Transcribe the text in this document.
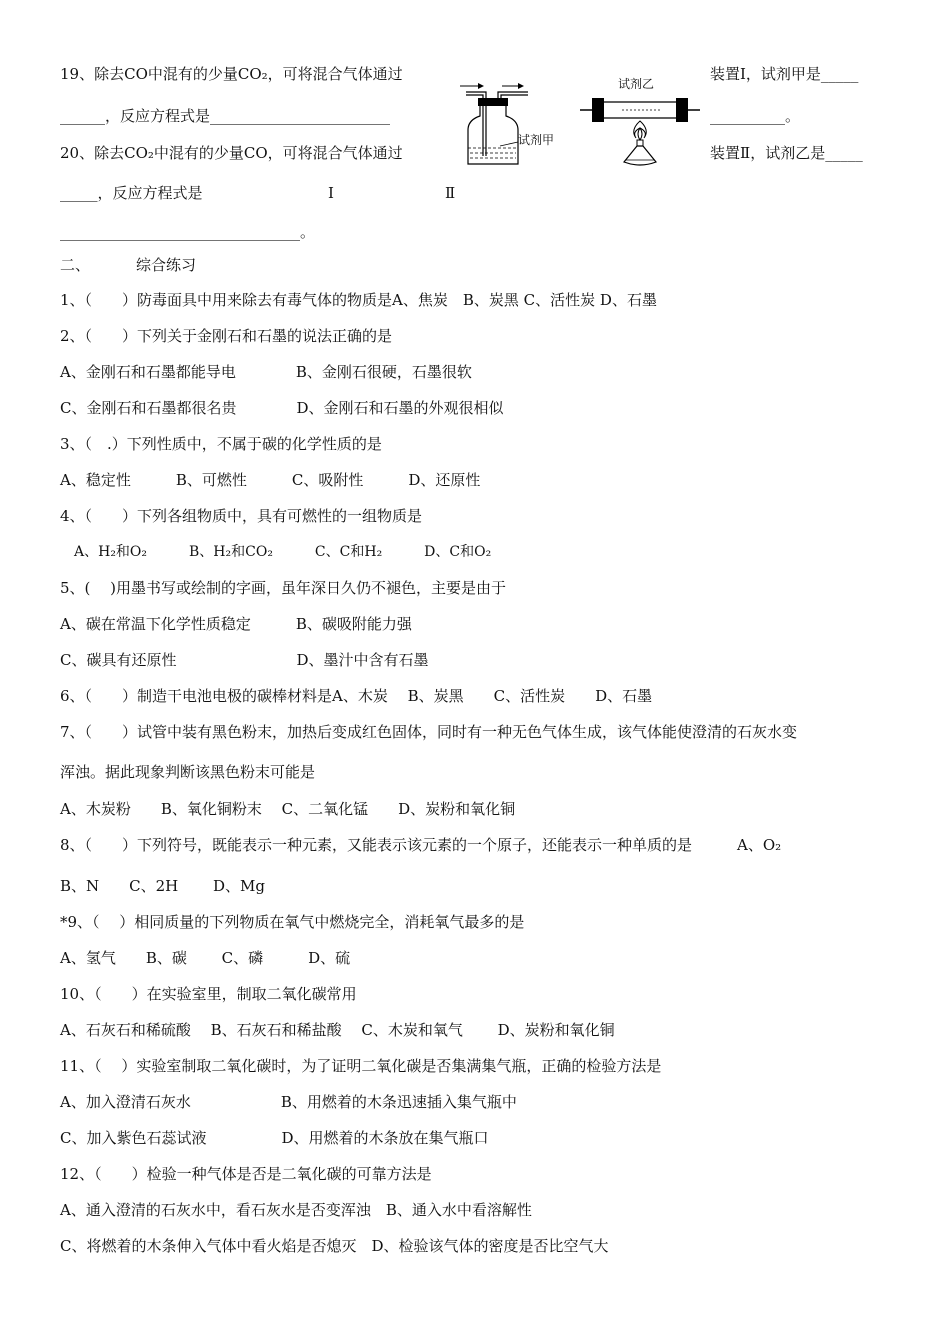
19、除去CO中混有的少量CO₂，可将混合气体通过	装置Ⅰ，试剂甲是_____
______，反应方程式是________________________	__________。
20、除去CO₂中混有的少量CO，可将混合气体通过	装置Ⅱ，试剂乙是_____
_____，反应方程式是	Ⅰ	Ⅱ
________________________________。
试剂甲
试剂乙
二、	综合练习
1、（　　）防毒面具中用来除去有毒气体的物质是A、焦炭　B、炭黑 C、活性炭 D、石墨
2、（　　）下列关于金刚石和石墨的说法正确的是
A、金刚石和石墨都能导电　　　　B、金刚石很硬，石墨很软
C、金刚石和石墨都很名贵　　　　D、金刚石和石墨的外观很相似
3、（　.）下列性质中，不属于碳的化学性质的是
A、稳定性　　　B、可燃性　　　C、吸附性　　　D、还原性
4、（　　）下列各组物质中，具有可燃性的一组物质是
　A、H₂和O₂　　　B、H₂和CO₂　　　C、C和H₂　　　D、C和O₂
5、(　 )用墨书写或绘制的字画，虽年深日久仍不褪色，主要是由于
A、碳在常温下化学性质稳定　　　B、碳吸附能力强
C、碳具有还原性　　　　　　　　D、墨汁中含有石墨
6、（　　）制造干电池电极的碳棒材料是A、木炭　 B、炭黑　　C、活性炭　　D、石墨
7、（　　）试管中装有黑色粉末，加热后变成红色固体，同时有一种无色气体生成，该气体能使澄清的石灰水变
浑浊。据此现象判断该黑色粉末可能是
A、木炭粉　　B、氧化铜粉末　 C、二氧化锰　　D、炭粉和氧化铜
8、（　　）下列符号，既能表示一种元素，又能表示该元素的一个原子，还能表示一种单质的是　　　A、O₂
B、N　　C、2H　　 D、Mg
*9、（　 ）相同质量的下列物质在氧气中燃烧完全，消耗氧气最多的是
A、氢气　　B、碳　　 C、磷　　　D、硫
10、（　　）在实验室里，制取二氧化碳常用
A、石灰石和稀硫酸　 B、石灰石和稀盐酸　 C、木炭和氧气　　 D、炭粉和氧化铜
11、（　 ）实验室制取二氧化碳时，为了证明二氧化碳是否集满集气瓶，正确的检验方法是
A、加入澄清石灰水　　　　　　B、用燃着的木条迅速插入集气瓶中
C、加入紫色石蕊试液　　　　　D、用燃着的木条放在集气瓶口
12、（　　）检验一种气体是否是二氧化碳的可靠方法是
A、通入澄清的石灰水中，看石灰水是否变浑浊　B、通入水中看溶解性
C、将燃着的木条伸入气体中看火焰是否熄灭　D、检验该气体的密度是否比空气大
